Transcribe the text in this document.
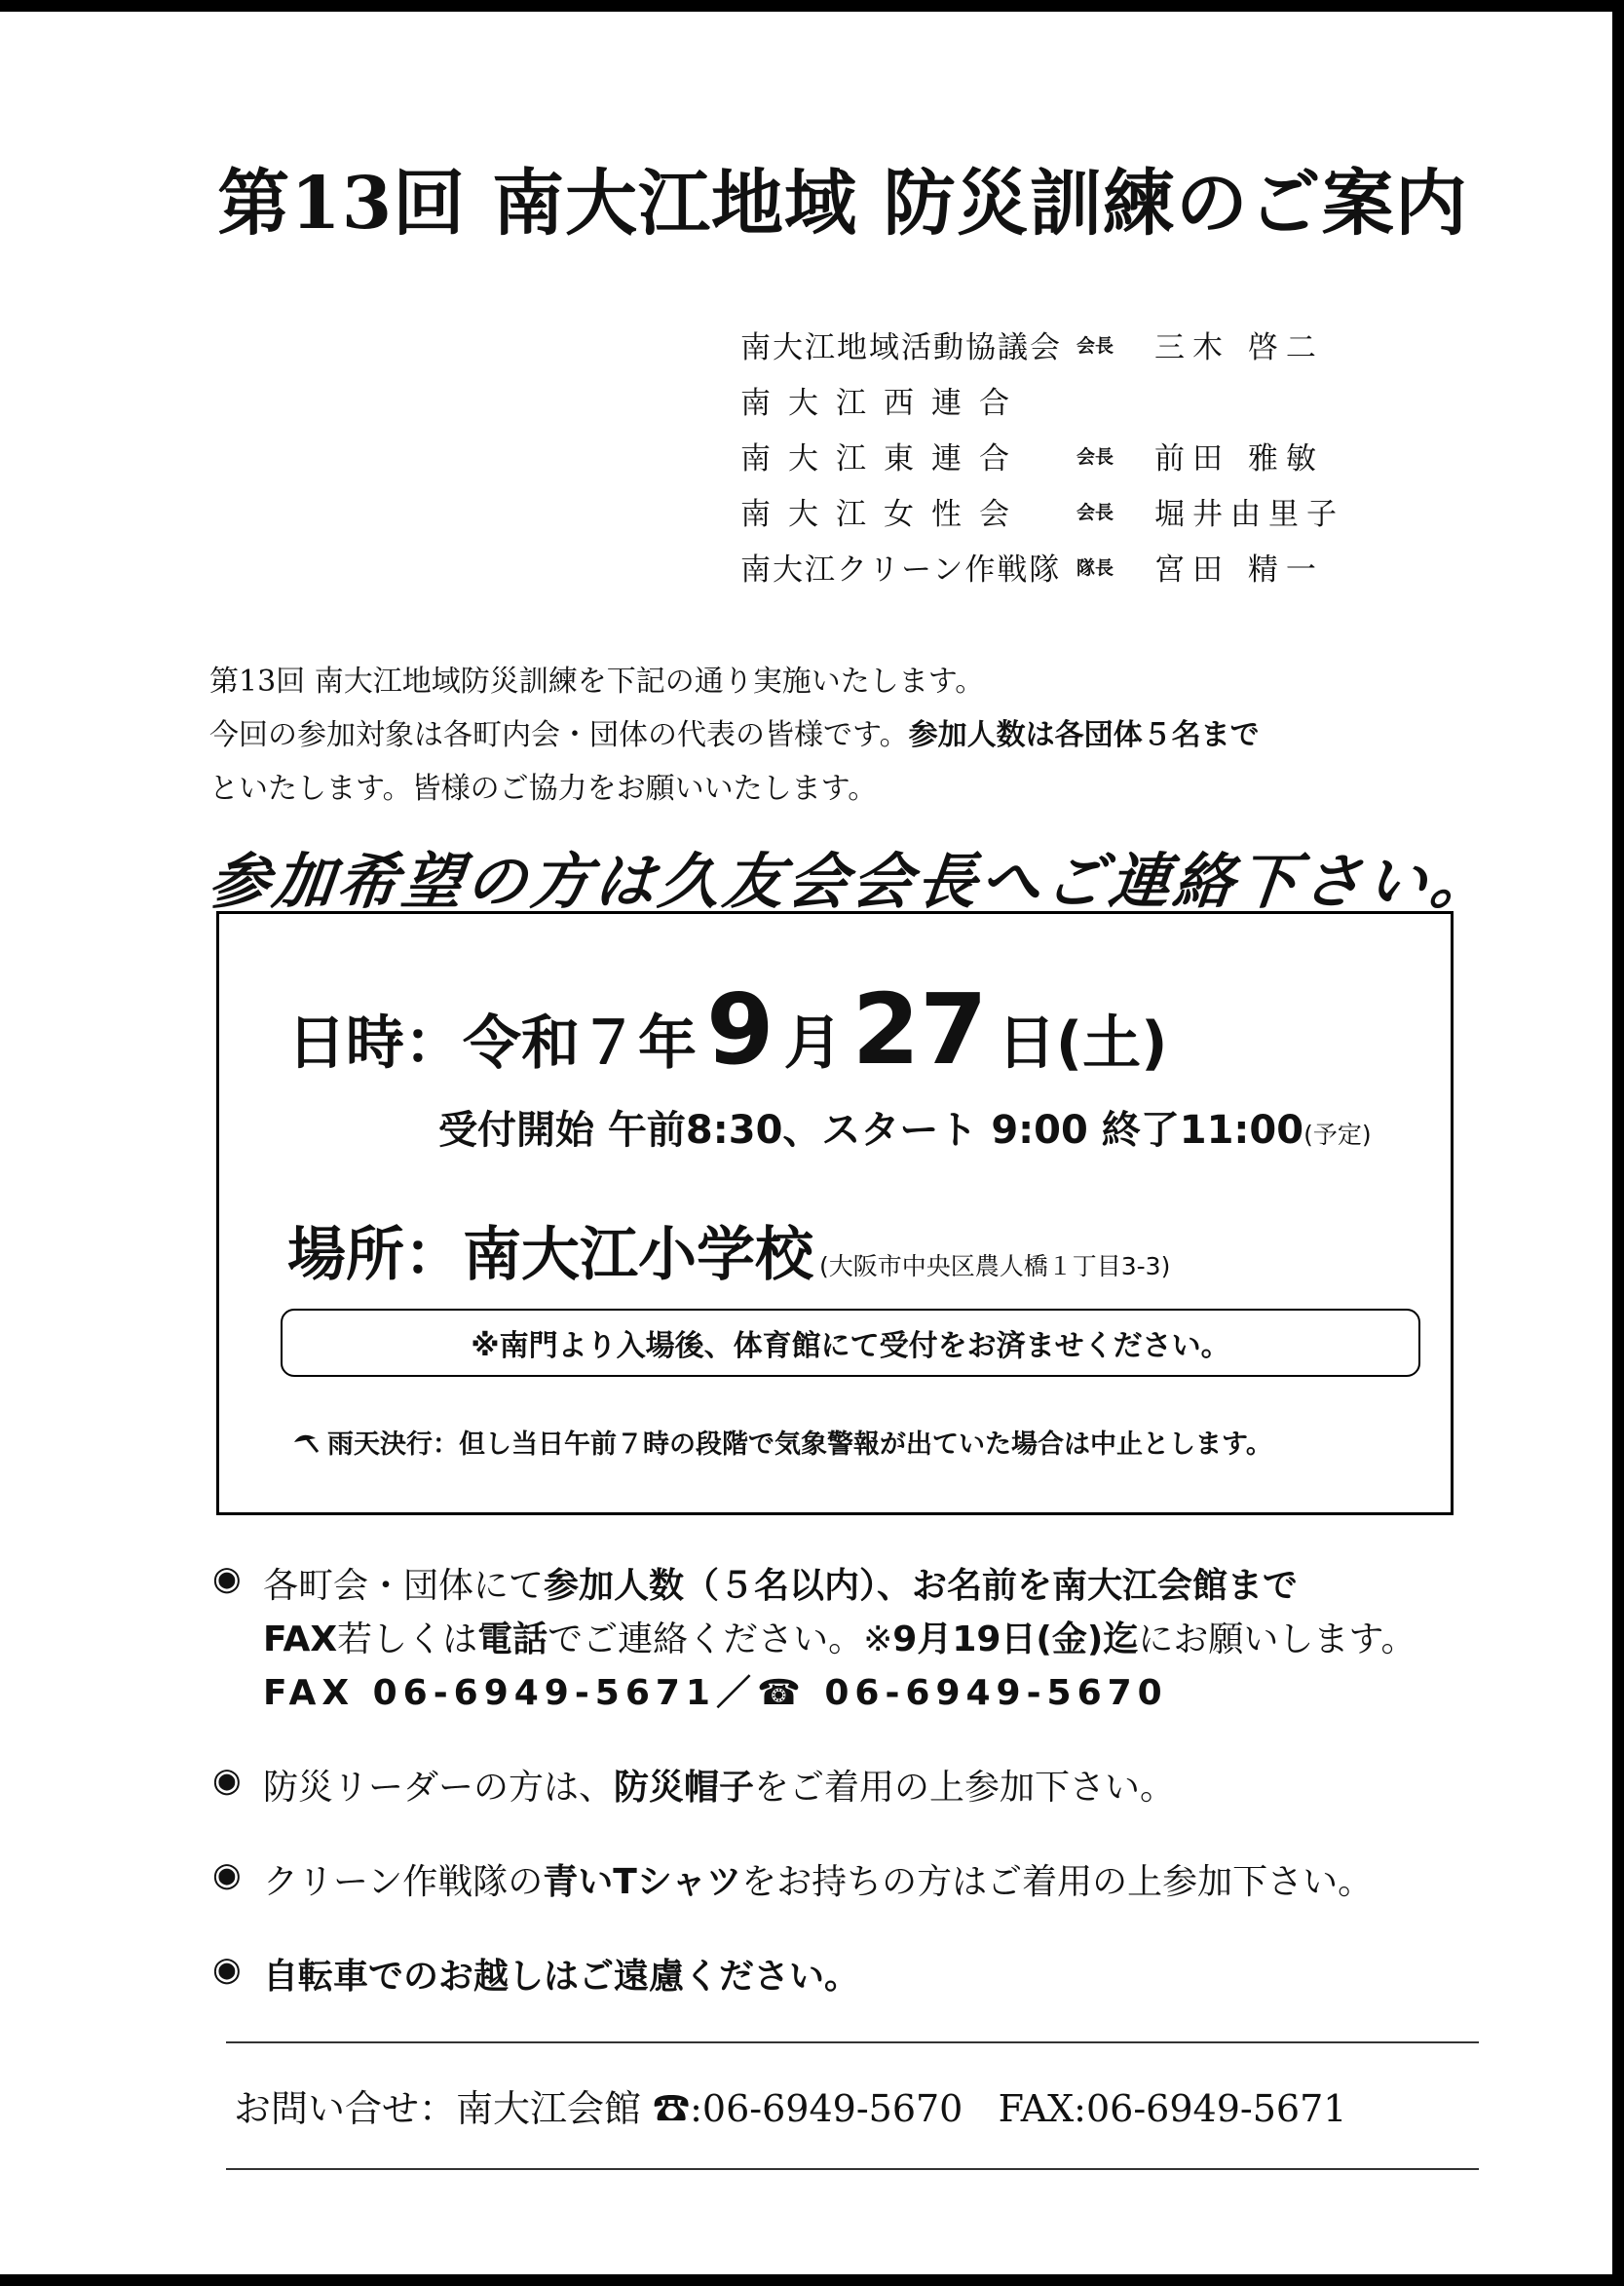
第13回 南大江地域 防災訓練のご案内
南大江地域活動協議会 会長	三木 啓二
南大江西連合
南大江東連合	会長	前田 雅敏
南大江女性会	会長	堀井由里子
南大江クリーン作戦隊 隊長	宮田 精一

第13回 南大江地域防災訓練を下記の通り実施いたします。

今回の参加対象は各町内会・団体の代表の皆様です。参加人数は各団体５名まで

といたします。皆様のご協力をお願いいたします。

参加希望の方は久友会会長へご連絡下さい。
日時：令和７年 9 月 27 日(土)
受付開始 午前8:30、スタート 9:00 終了11:00(予定)
場所：南大江小学校 (大阪市中央区農人橋１丁目3-3)
※南門より入場後、体育館にて受付をお済ませください。
雨天決行：但し当日午前７時の段階で気象警報が出ていた場合は中止とします。
◉ 各町会・団体にて参加人数（５名以内）、お名前を南大江会館まで
FAX若しくは電話でご連絡ください。※9月19日(金)迄にお願いします。
FAX 06-6949-5671／☎ 06-6949-5670
◉ 防災リーダーの方は、防災帽子をご着用の上参加下さい。
◉ クリーン作戦隊の青いTシャツをお持ちの方はご着用の上参加下さい。
◉ 自転車でのお越しはご遠慮ください。
お問い合せ：南大江会館 ☎:06-6949-5670 FAX:06-6949-5671
